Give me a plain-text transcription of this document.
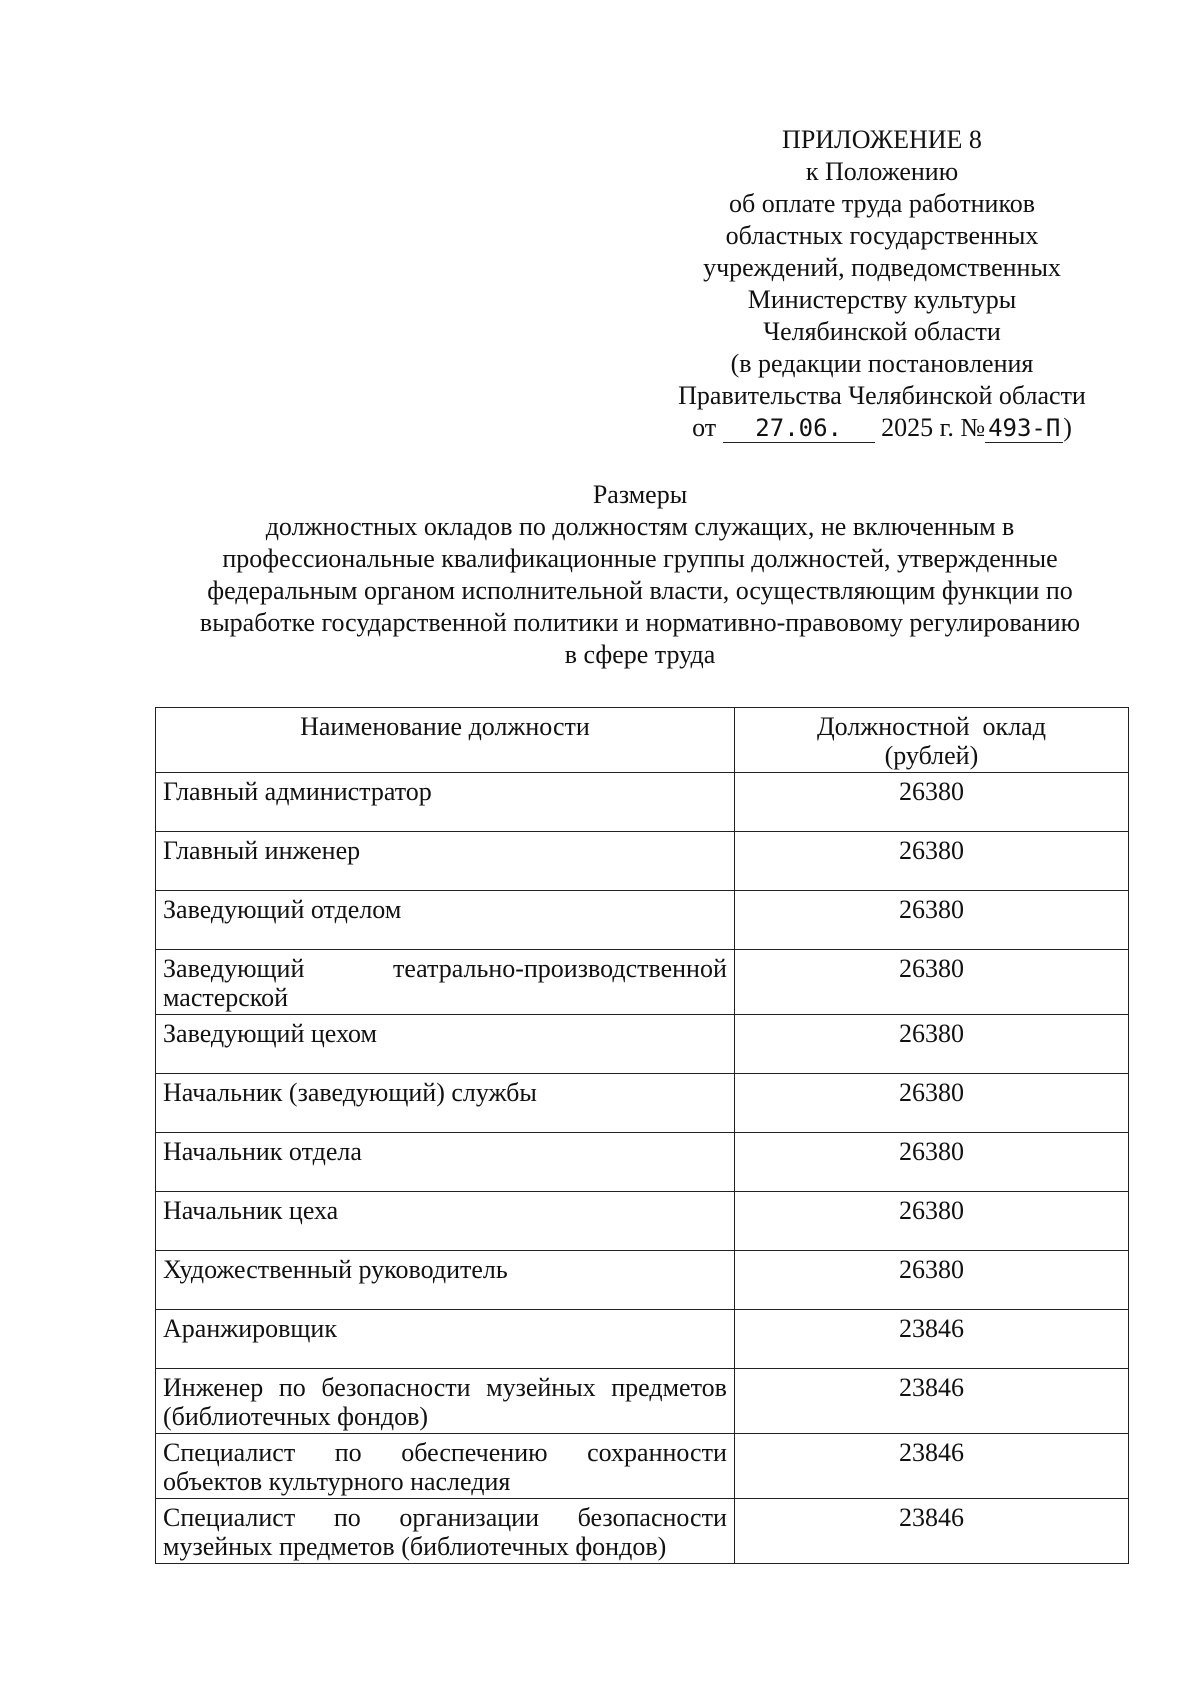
ПРИЛОЖЕНИЕ 8
к Положению
об оплате труда работников
областных государственных
учреждений, подведомственных
Министерству культуры
Челябинской области
(в редакции постановления
Правительства Челябинской области
от 27.06. 2025 г. № 493-П )
Размеры
должностных окладов по должностям служащих, не включенным в
профессиональные квалификационные группы должностей, утвержденные
федеральным органом исполнительной власти, осуществляющим функции по
выработке государственной политики и нормативно-правовому регулированию
в сфере труда
Наименование должности	Должностной  оклад
(рублей)

Главный администратор	26380
Главный инженер	26380
Заведующий отделом	26380
Заведующий театрально-производственной мастерской	26380
Заведующий цехом	26380
Начальник (заведующий) службы	26380
Начальник отдела	26380
Начальник цеха	26380
Художественный руководитель	26380
Аранжировщик	23846
Инженер по безопасности музейных предметов (библиотечных фондов)	23846
Специалист по обеспечению сохранности объектов культурного наследия	23846
Специалист по организации безопасности музейных предметов (библиотечных фондов)	23846
